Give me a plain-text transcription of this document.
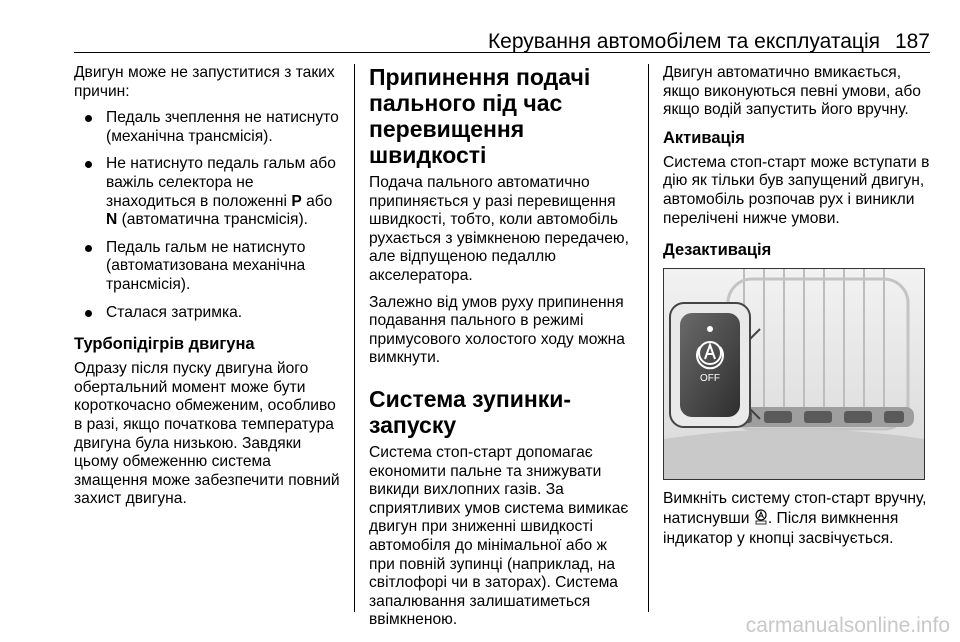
Керування автомобілем та експлуатація 187

Двигун може не запуститися з таких причин:

Педаль зчеплення не натиснуто (механічна трансмісія).
Не натиснуто педаль гальм або важіль селектора не знаходиться в положенні P або N (автоматична трансмісія).
Педаль гальм не натиснуто (автоматизована механічна трансмісія).
Сталася затримка.
Турбопідігрів двигуна

Одразу після пуску двигуна його обертальний момент може бути короткочасно обмеженим, особливо в разі, якщо початкова температура двигуна була низькою. Завдяки цьому обмеженню система змащення може забезпечити повний захист двигуна.

Припинення подачі пального під час перевищення швидкості

Подача пального автоматично припиняється у разі перевищення швидкості, тобто, коли автомобіль рухається з увімкненою передачею, але відпущеною педаллю акселератора.

Залежно від умов руху припинення подавання пального в режимі примусового холостого ходу можна вимкнути.

Система зупинки-запуску

Система стоп-старт допомагає економити пальне та знижувати викиди вихлопних газів. За сприятливих умов система вимикає двигун при зниженні швидкості автомобіля до мінімальної або ж при повній зупинці (наприклад, на світлофорі чи в заторах). Система запалювання залишатиметься ввімкненою.

Двигун автоматично вмикається, якщо виконуються певні умови, або якщо водій запустить його вручну.

Активація

Система стоп-старт може вступати в дію як тільки був запущений двигун, автомобіль розпочав рух і виникли перелічені нижче умови.

Дезактивація
OFF

Вимкніть систему стоп-старт вручну, натиснувши . Після вимкнення індикатор у кнопці засвічується.

carmanualsonline.info
